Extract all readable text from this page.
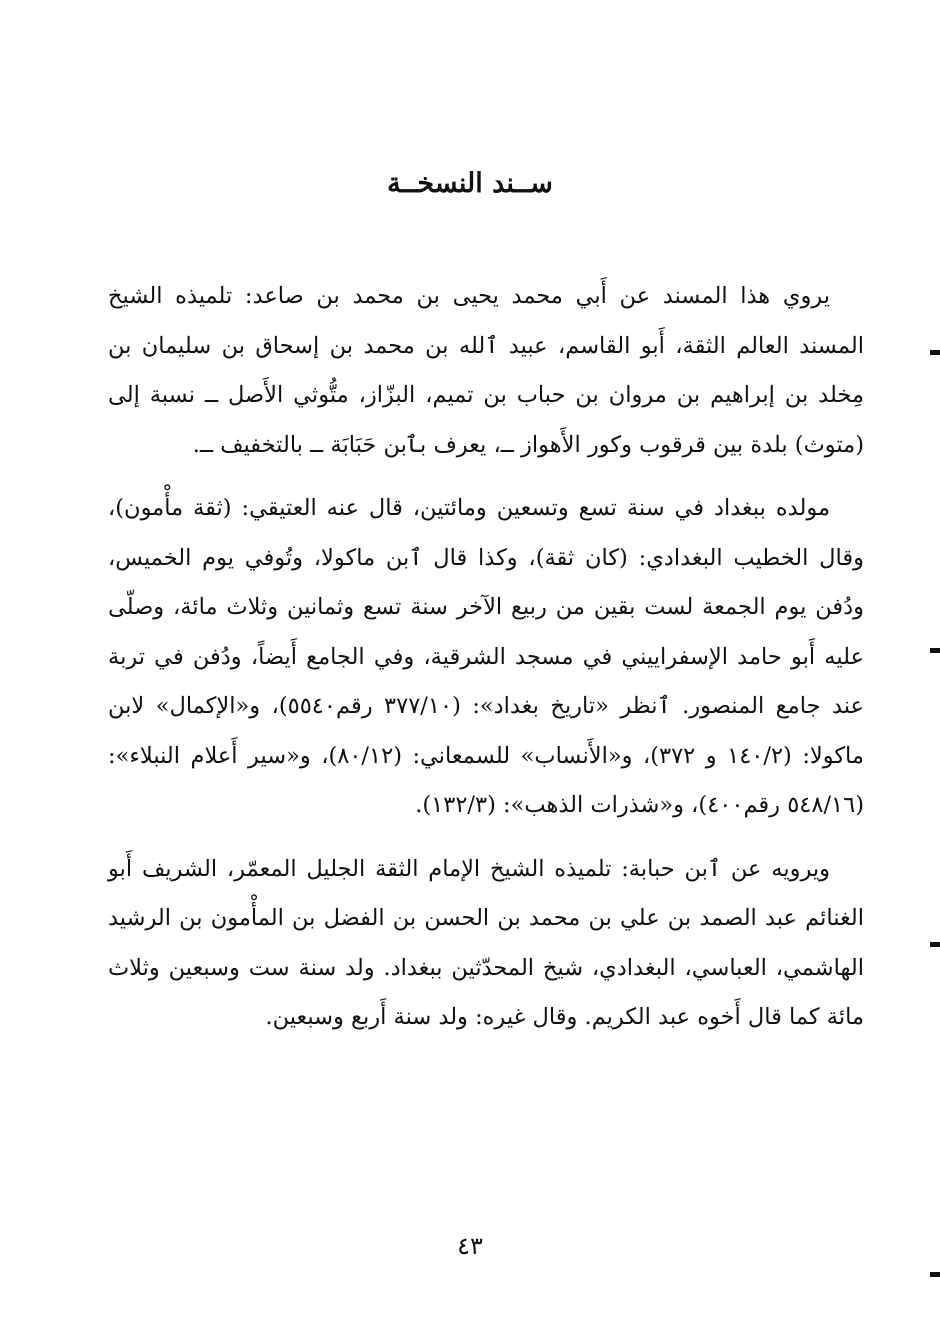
ســند النسخــة

يروي هذا المسند عن أَبي محمد يحيى بن محمد بن صاعد: تلميذه الشيخ المسند العالم الثقة، أَبو القاسم، عبيد ٱلله بن محمد بن إسحاق بن سليمان بن مِخلد بن إبراهيم بن مروان بن حباب بن تميم، البزّاز، متُّوثي الأَصل ــ نسبة إلى (متوث) بلدة بين قرقوب وكور الأَهواز ــ، يعرف بٱبن حَبَابَة ــ بالتخفيف ــ.

مولده ببغداد في سنة تسع وتسعين ومائتين، قال عنه العتيقي: (ثقة مأْمون)، وقال الخطيب البغدادي: (كان ثقة)، وكذا قال ٱبن ماكولا، وتُوفي يوم الخميس، ودُفن يوم الجمعة لست بقين من ربيع الآخر سنة تسع وثمانين وثلاث مائة، وصلّى عليه أَبو حامد الإسفراييني في مسجد الشرقية، وفي الجامع أَيضاً، ودُفن في تربة عند جامع المنصور. ٱنظر «تاريخ بغداد»: (٣٧٧/١٠ رقم٥٥٤٠)، و«الإكمال» لابن ماكولا: (١٤٠/٢ و ٣٧٢)، و«الأَنساب» للسمعاني: (٨٠/١٢)، و«سير أَعلام النبلاء»: (٥٤٨/١٦ رقم٤٠٠)، و«شذرات الذهب»: (١٣٢/٣).

ويرويه عن ٱبن حبابة: تلميذه الشيخ الإمام الثقة الجليل المعمّر، الشريف أَبو الغنائم عبد الصمد بن علي بن محمد بن الحسن بن الفضل بن المأْمون بن الرشيد الهاشمي، العباسي، البغدادي، شيخ المحدّثين ببغداد. ولد سنة ست وسبعين وثلاث مائة كما قال أَخوه عبد الكريم. وقال غيره: ولد سنة أَربع وسبعين.

٤٣
